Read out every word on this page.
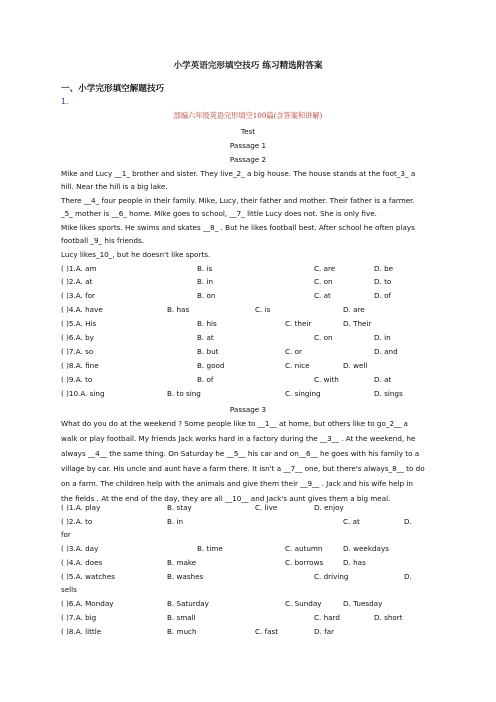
小学英语完形填空技巧 练习精选附答案
一、小学完形填空解题技巧
1.
部编六年级英语完形填空100篇(含答案和讲解)
Test
Passage 1
Passage 2
Mike and Lucy __1_ brother and sister. They live_2_ a big house. The house stands at the foot_3_ a
hill. Near the hill is a big lake.
There __4_ four people in their family. Mike, Lucy, their father and mother. Their father is a farmer.
_5_ mother is __6_ home. Mike goes to school, __7_ little Lucy does not. She is only five.
Mike likes sports. He swims and skates __8_ . But he likes football best. After school he often plays
football _9_ his friends.
Lucy likes_10_, but he doesn't like sports.
( )1.A. am	B. is	C. are	D. be
( )2.A. at	B. in	C. on	D. to
( )3.A. for	B. on	C. at	D. of
( )4.A. have	B. has	C. is	D. are
( )5.A. His	B. his	C. their	D. Their
( )6.A. by	B. at	C. on	D. in
( )7.A. so	B. but	C. or	D. and
( )8.A. fine	B. good	C. nice	D. well
( )9.A. to	B. of	C. with	D. at
( )10.A. sing	B. to sing	C. singing	D. sings
Passage 3
What do you do at the weekend ? Some people like to __1__ at home, but others like to go_2__ a
walk or play football. My friends Jack works hard in a factory during the __3__ . At the weekend, he
always __4__ the same thing. On Saturday he __5__ his car and on__6__ he goes with his family to a
village by car. His uncle and aunt have a farm there. It isn't a __7__ one, but there's always_8__ to do
on a farm. The children help with the animals and give them their __9__ . Jack and his wife help in
the fields . At the end of the day, they are all __10__ and Jack's aunt gives them a big meal.
( )1.A. play	B. stay	C. live	D. enjoy
( )2.A. to	B. in	C. at	D.
for
( )3.A. day	B. time	C. autumn	D. weekdays
( )4.A. does	B. make	C. borrows	D. has
( )5.A. watches	B. washes	C. driving	D.
sells
( )6.A. Monday	B. Saturday	C. Sunday	D. Tuesday
( )7.A. big	B. small	C. hard	D. short
( )8.A. little	B. much	C. fast	D. far
